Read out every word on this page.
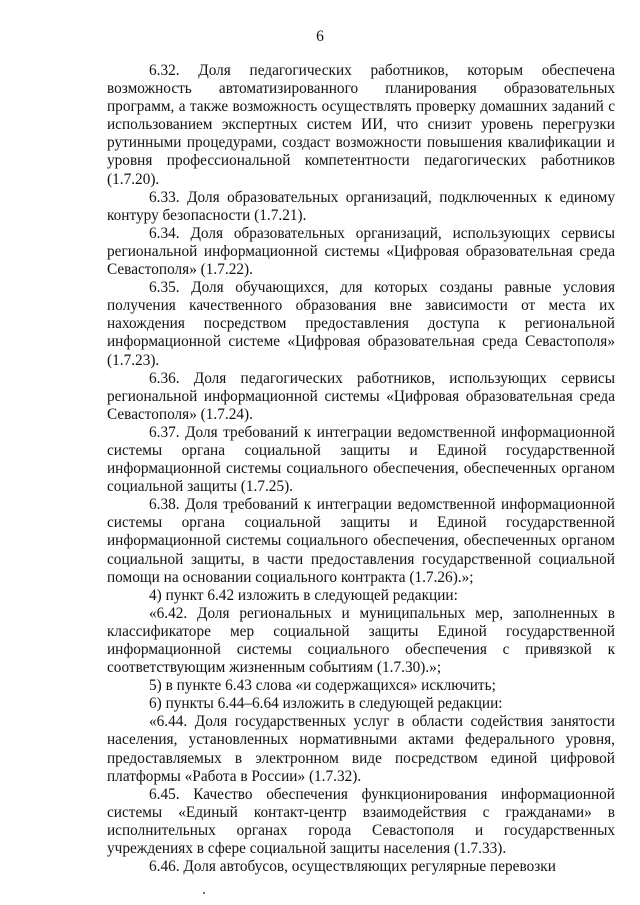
6

6.32. Доля педагогических работников, которым обеспечена возможность автоматизированного планирования образовательных программ, а также возможность осуществлять проверку домашних заданий с использованием экспертных систем ИИ, что снизит уровень перегрузки рутинными процедурами, создаст возможности повышения квалификации и уровня профессиональной компетентности педагогических работников (1.7.20).

6.33. Доля образовательных организаций, подключенных к единому контуру безопасности (1.7.21).

6.34. Доля образовательных организаций, использующих сервисы региональной информационной системы «Цифровая образовательная среда Севастополя» (1.7.22).

6.35. Доля обучающихся, для которых созданы равные условия получения качественного образования вне зависимости от места их нахождения посредством предоставления доступа к региональной информационной системе «Цифровая образовательная среда Севастополя» (1.7.23).

6.36. Доля педагогических работников, использующих сервисы региональной информационной системы «Цифровая образовательная среда Севастополя» (1.7.24).

6.37. Доля требований к интеграции ведомственной информационной системы органа социальной защиты и Единой государственной информационной системы социального обеспечения, обеспеченных органом социальной защиты (1.7.25).

6.38. Доля требований к интеграции ведомственной информационной системы органа социальной защиты и Единой государственной информационной системы социального обеспечения, обеспеченных органом социальной защиты, в части предоставления государственной социальной помощи на основании социального контракта (1.7.26).»;

4) пункт 6.42 изложить в следующей редакции:

«6.42. Доля региональных и муниципальных мер, заполненных в классификаторе мер социальной защиты Единой государственной информационной системы социального обеспечения с привязкой к соответствующим жизненным событиям (1.7.30).»;

5) в пункте 6.43 слова «и содержащихся» исключить;

6) пункты 6.44–6.64 изложить в следующей редакции:

«6.44. Доля государственных услуг в области содействия занятости населения, установленных нормативными актами федерального уровня, предоставляемых в электронном виде посредством единой цифровой платформы «Работа в России» (1.7.32).

6.45. Качество обеспечения функционирования информационной системы «Единый контакт-центр взаимодействия с гражданами» в исполнительных органах города Севастополя и государственных учреждениях в сфере социальной защиты населения (1.7.33).

6.46. Доля автобусов, осуществляющих регулярные перевозки
